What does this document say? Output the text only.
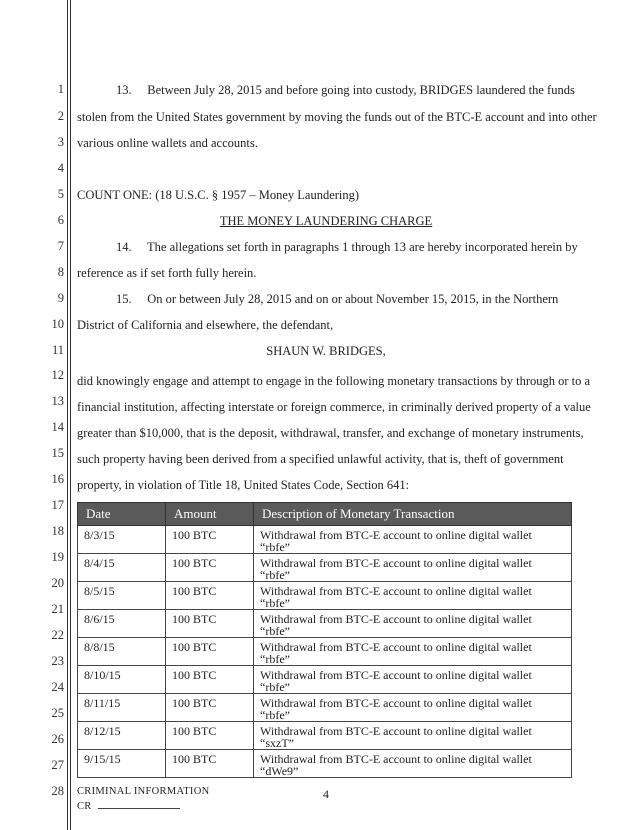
1
2
3
4
5
6
7
8
9
10
11
12
13
14
15
16
17
18
19
20
21
22
23
24
25
26
27
28
13.     Between July 28, 2015 and before going into custody, BRIDGES laundered the funds
stolen from the United States government by moving the funds out of the BTC-E account and into other
various online wallets and accounts.
COUNT ONE: (18 U.S.C. § 1957 – Money Laundering)
THE MONEY LAUNDERING CHARGE
14.     The allegations set forth in paragraphs 1 through 13 are hereby incorporated herein by
reference as if set forth fully herein.
15.     On or between July 28, 2015 and on or about November 15, 2015, in the Northern
District of California and elsewhere, the defendant,
SHAUN W. BRIDGES,
did knowingly engage and attempt to engage in the following monetary transactions by through or to a
financial institution, affecting interstate or foreign commerce, in criminally derived property of a value
greater than $10,000, that is the deposit, withdrawal, transfer, and exchange of monetary instruments,
such property having been derived from a specified unlawful activity, that is, theft of government
property, in violation of Title 18, United States Code, Section 641:
Date	Amount	Description of Monetary Transaction
8/3/15	100 BTC	Withdrawal from BTC-E account to online digital wallet
“rbfe”

8/4/15	100 BTC	Withdrawal from BTC-E account to online digital wallet
“rbfe”

8/5/15	100 BTC	Withdrawal from BTC-E account to online digital wallet
“rbfe”

8/6/15	100 BTC	Withdrawal from BTC-E account to online digital wallet
“rbfe”

8/8/15	100 BTC	Withdrawal from BTC-E account to online digital wallet
“rbfe”

8/10/15	100 BTC	Withdrawal from BTC-E account to online digital wallet
“rbfe”

8/11/15	100 BTC	Withdrawal from BTC-E account to online digital wallet
“rbfe”

8/12/15	100 BTC	Withdrawal from BTC-E account to online digital wallet
“sxzT”

9/15/15	100 BTC	Withdrawal from BTC-E account to online digital wallet
“dWe9”
4
CRIMINAL INFORMATION
CR
